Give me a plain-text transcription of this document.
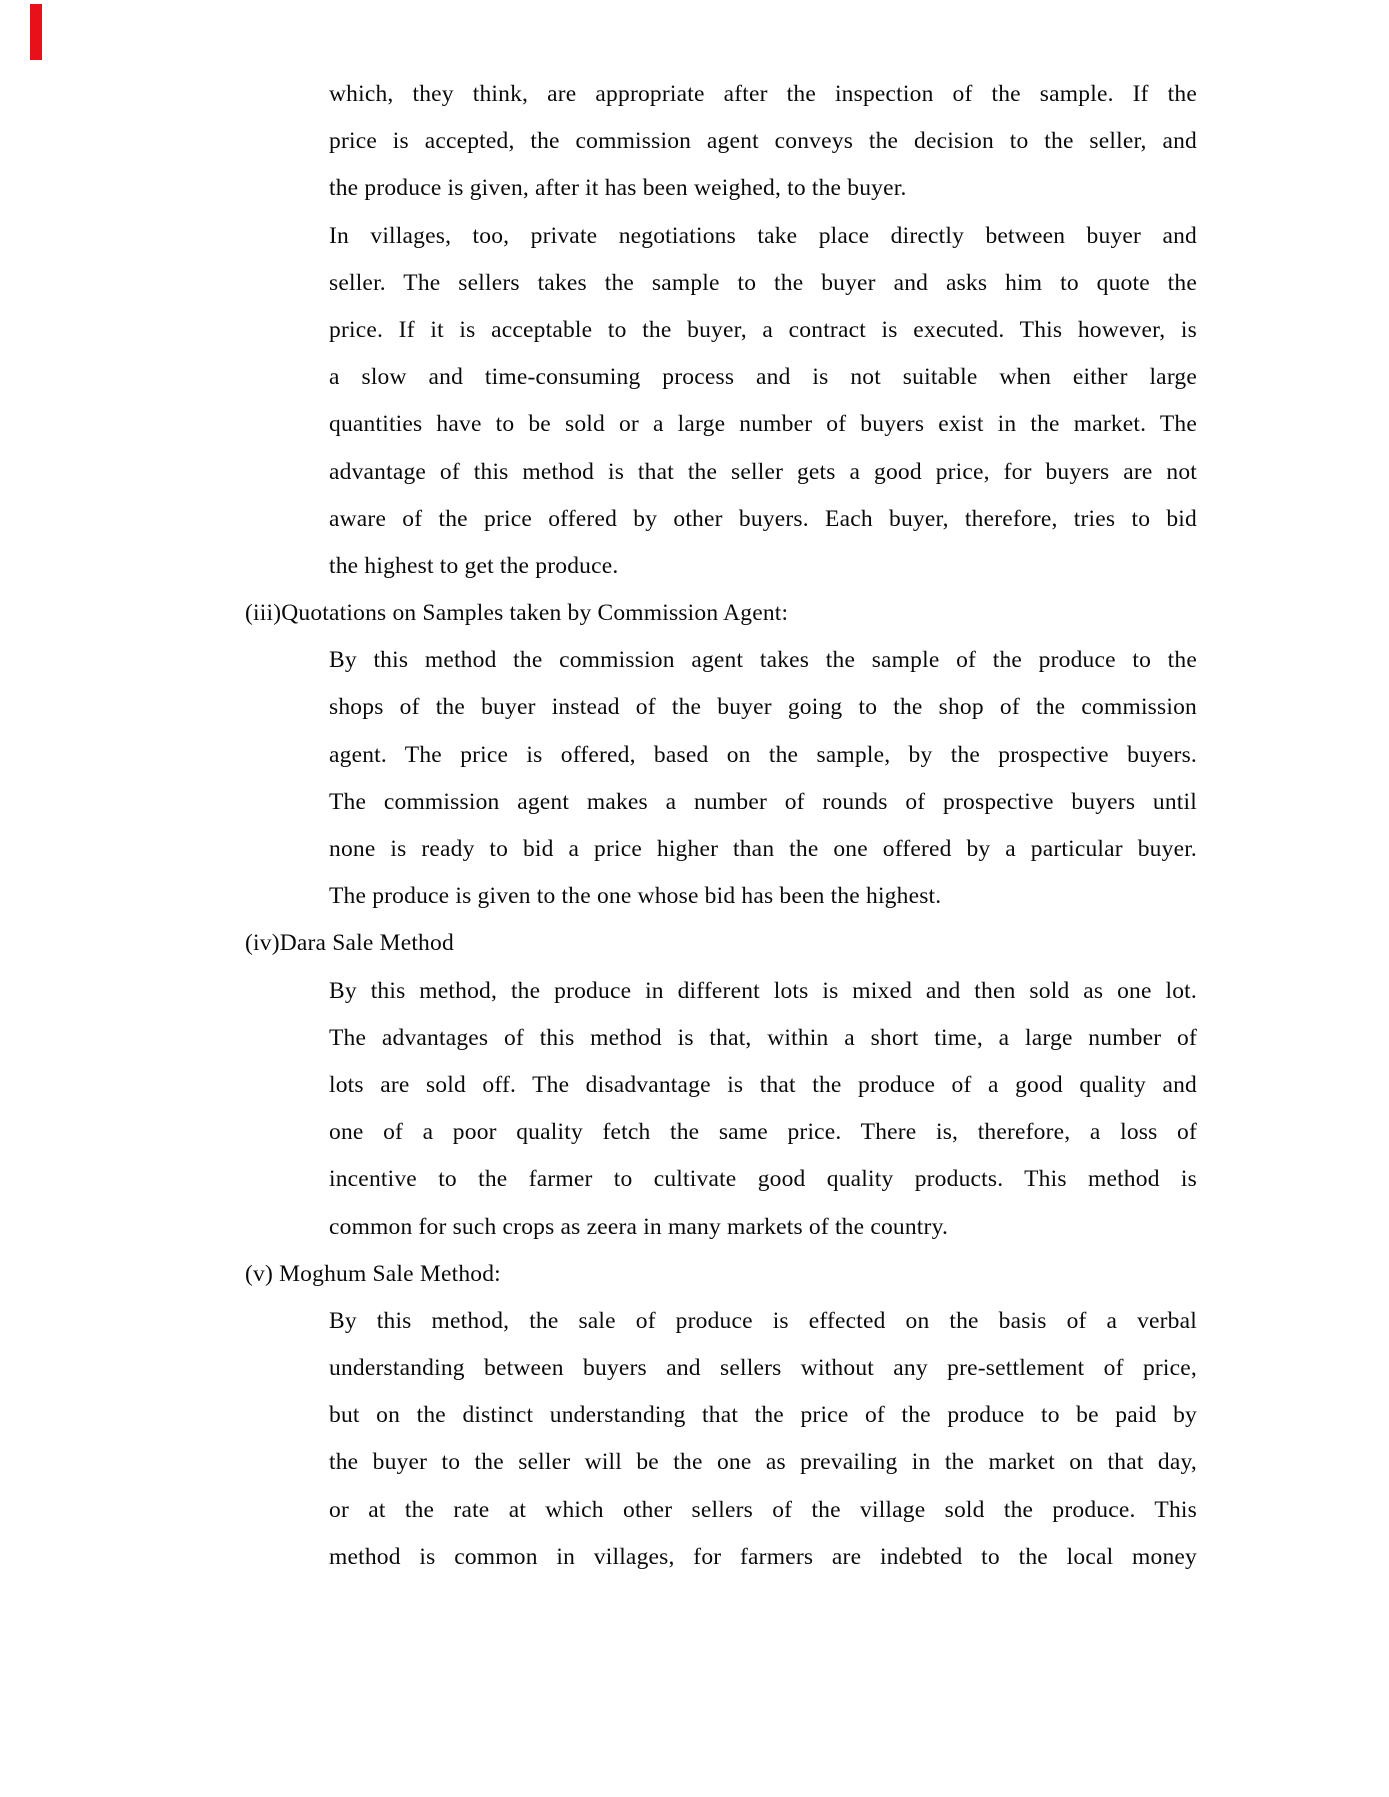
which, they think, are appropriate after the inspection of the sample. If the
price is accepted, the commission agent conveys the decision to the seller, and
the produce is given, after it has been weighed, to the buyer.
In villages, too, private negotiations take place directly between buyer and
seller. The sellers takes the sample to the buyer and asks him to quote the
price. If it is acceptable to the buyer, a contract is executed. This however, is
a slow and time-consuming process and is not suitable when either large
quantities have to be sold or a large number of buyers exist in the market. The
advantage of this method is that the seller gets a good price, for buyers are not
aware of the price offered by other buyers. Each buyer, therefore, tries to bid
the highest to get the produce.
(iii)Quotations on Samples taken by Commission Agent:
By this method the commission agent takes the sample of the produce to the
shops of the buyer instead of the buyer going to the shop of the commission
agent. The price is offered, based on the sample, by the prospective buyers.
The commission agent makes a number of rounds of prospective buyers until
none is ready to bid a price higher than the one offered by a particular buyer.
The produce is given to the one whose bid has been the highest.
(iv)Dara Sale Method
By this method, the produce in different lots is mixed and then sold as one lot.
The advantages of this method is that, within a short time, a large number of
lots are sold off. The disadvantage is that the produce of a good quality and
one of a poor quality fetch the same price. There is, therefore, a loss of
incentive to the farmer to cultivate good quality products. This method is
common for such crops as zeera in many markets of the country.
(v) Moghum Sale Method:
By this method, the sale of produce is effected on the basis of a verbal
understanding between buyers and sellers without any pre-settlement of price,
but on the distinct understanding that the price of the produce to be paid by
the buyer to the seller will be the one as prevailing in the market on that day,
or at the rate at which other sellers of the village sold the produce. This
method is common in villages, for farmers are indebted to the local money
